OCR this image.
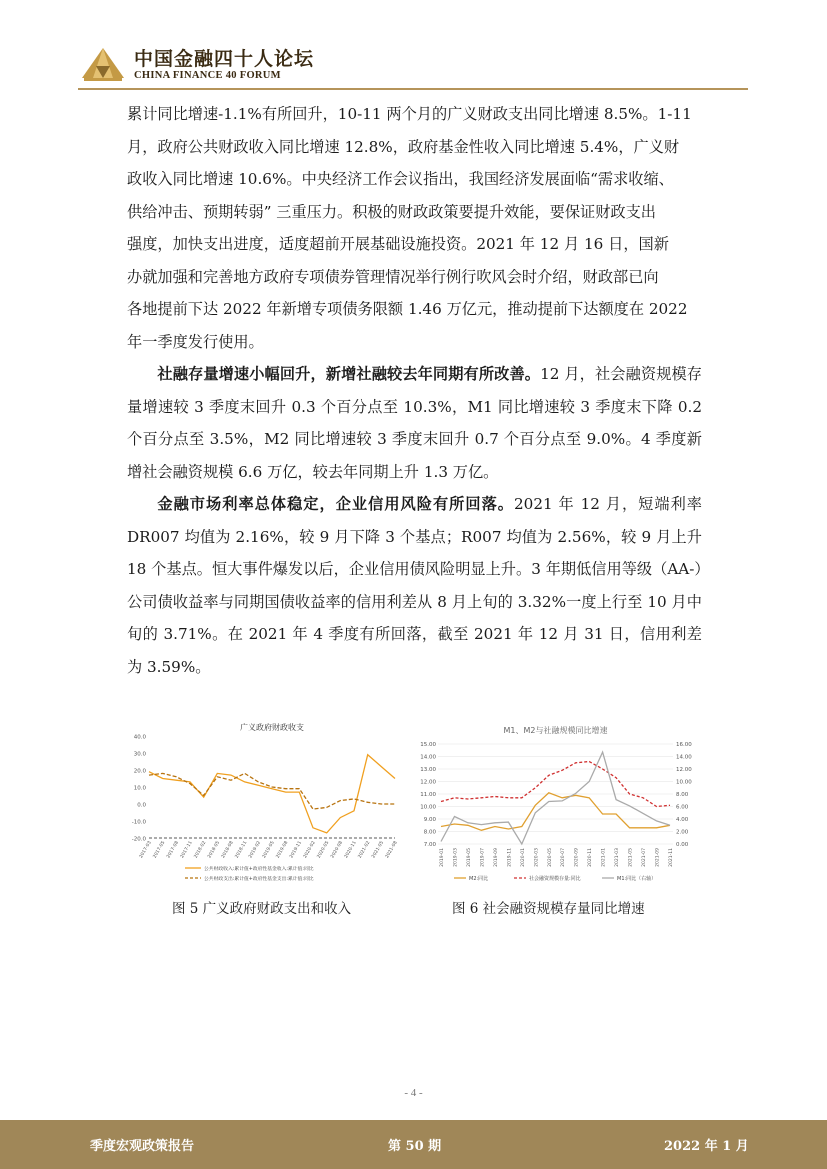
中国金融四十人论坛
CHINA FINANCE 40 FORUM

累计同比增速-1.1%有所回升，10-11 两个月的广义财政支出同比增速 8.5%。1-11

月，政府公共财政收入同比增速 12.8%，政府基金性收入同比增速 5.4%，广义财

政收入同比增速 10.6%。中央经济工作会议指出，我国经济发展面临“需求收缩、

供给冲击、预期转弱” 三重压力。积极的财政政策要提升效能，要保证财政支出

强度，加快支出进度，适度超前开展基础设施投资。2021 年 12 月 16 日，国新

办就加强和完善地方政府专项债券管理情况举行例行吹风会时介绍，财政部已向

各地提前下达 2022 年新增专项债务限额 1.46 万亿元，推动提前下达额度在 2022

年一季度发行使用。

社融存量增速小幅回升，新增社融较去年同期有所改善。12 月，社会融资规模存量增速较 3 季度末回升 0.3 个百分点至 10.3%，M1 同比增速较 3 季度末下降 0.2 个百分点至 3.5%，M2 同比增速较 3 季度末回升 0.7 个百分点至 9.0%。4 季度新增社会融资规模 6.6 万亿，较去年同期上升 1.3 万亿。

金融市场利率总体稳定，企业信用风险有所回落。2021 年 12 月，短端利率 DR007 均值为 2.16%，较 9 月下降 3 个基点；R007 均值为 2.56%，较 9 月上升 18 个基点。恒大事件爆发以后，企业信用债风险明显上升。3 年期低信用等级（AA-）公司债收益率与同期国债收益率的信用利差从 8 月上旬的 3.32%一度上行至 10 月中旬的 3.71%。在 2021 年 4 季度有所回落，截至 2021 年 12 月 31 日，信用利差为 3.59%。

广义政府财政收支
40.0
30.0
20.0
10.0
0.0
-10.0
-20.0
2017-03 2017-05 2017-08 2017-11 2018-02 2018-05 2018-08 2018-11 2019-02 2019-05 2019-08 2019-11 2020-02 2020-05 2020-08 2020-11 2021-02 2021-05 2021-08
公共财政收入:累计值+政府性基金收入:累计值:同比
公共财政支出:累计值+政府性基金支出:累计值:同比
M1、M2与社融规模同比增速
15.00
14.00
13.00
12.00
11.00
10.00
9.00
8.00
7.00
16.00
14.00
12.00
10.00
8.00
6.00
4.00
2.00
0.00
2019-01 2019-03 2019-05 2019-07 2019-09 2019-11 2020-01 2020-03 2020-05 2020-07 2020-09 2020-11 2021-01 2021-03 2021-05 2021-07 2021-09 2021-11
M2:同比	社会融资规模存量:同比	M1:同比（右轴）
图 5 广义政府财政支出和收入	图 6 社会融资规模存量同比增速
- 4 -
季度宏观政策报告	第 50 期	2022 年 1 月
